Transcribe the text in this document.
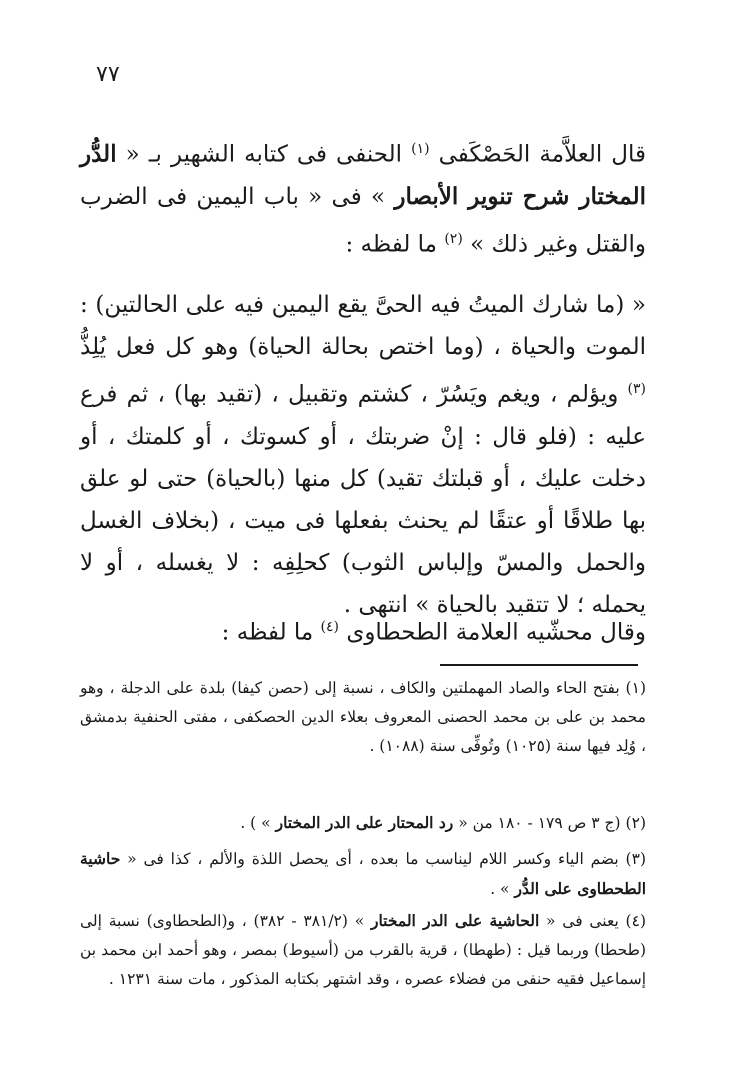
٧٧
قال العلاَّمة الحَصْكَفى $^{(١)}$ الحنفى فى كتابه الشهير بـ « الدُّر المختار شرح تنوير الأبصار » فى « باب اليمين فى الضرب والقتل وغير ذلك » $^{(٢)}$ ما لفظه :
« (ما شارك الميتُ فيه الحىَّ يقع اليمين فيه على الحالتين) : الموت والحياة ، (وما اختص بحالة الحياة) وهو كل فعل يُلِذُّ $^{(٣)}$ ويؤلم ، ويغم ويَسُرّ ، كشتم وتقبيل ، (تقيد بها) ، ثم فرع عليه : (فلو قال : إنْ ضربتك ، أو كسوتك ، أو كلمتك ، أو دخلت عليك ، أو قبلتك تقيد) كل منها (بالحياة) حتى لو علق بها طلاقًا أو عتقًا لم يحنث بفعلها فى ميت ، (بخلاف الغسل والحمل والمسّ وإلباس الثوب) كحلِفِه : لا يغسله ، أو لا يحمله ؛ لا تتقيد بالحياة » انتهى .
وقال محشّيه العلامة الطحطاوى $^{(٤)}$ ما لفظه :
(١) بفتح الحاء والصاد المهملتين والكاف ، نسبة إلى (حصن كيفا) بلدة على الدجلة ، وهو محمد بن على بن محمد الحصنى المعروف بعلاء الدين الحصكفى ، مفتى الحنفية بدمشق ، وُلِد فيها سنة (١٠٢٥) وتُوفِّى سنة (١٠٨٨) .
(٢) (ج ٣ ص ١٧٩ - ١٨٠ من « رد المحتار على الدر المختار » ) .
(٣) بضم الياء وكسر اللام ليناسب ما بعده ، أى يحصل اللذة والألم ، كذا فى « حاشية الطحطاوى على الدُّر » .
(٤) يعنى فى « الحاشية على الدر المختار » (٣٨١/٢ - ٣٨٢) ، و(الطحطاوى) نسبة إلى (طحطا) وربما قيل : (طهطا) ، قرية بالقرب من (أسيوط) بمصر ، وهو أحمد ابن محمد بن إسماعيل فقيه حنفى من فضلاء عصره ، وقد اشتهر بكتابه المذكور ، مات سنة ١٢٣١ .
